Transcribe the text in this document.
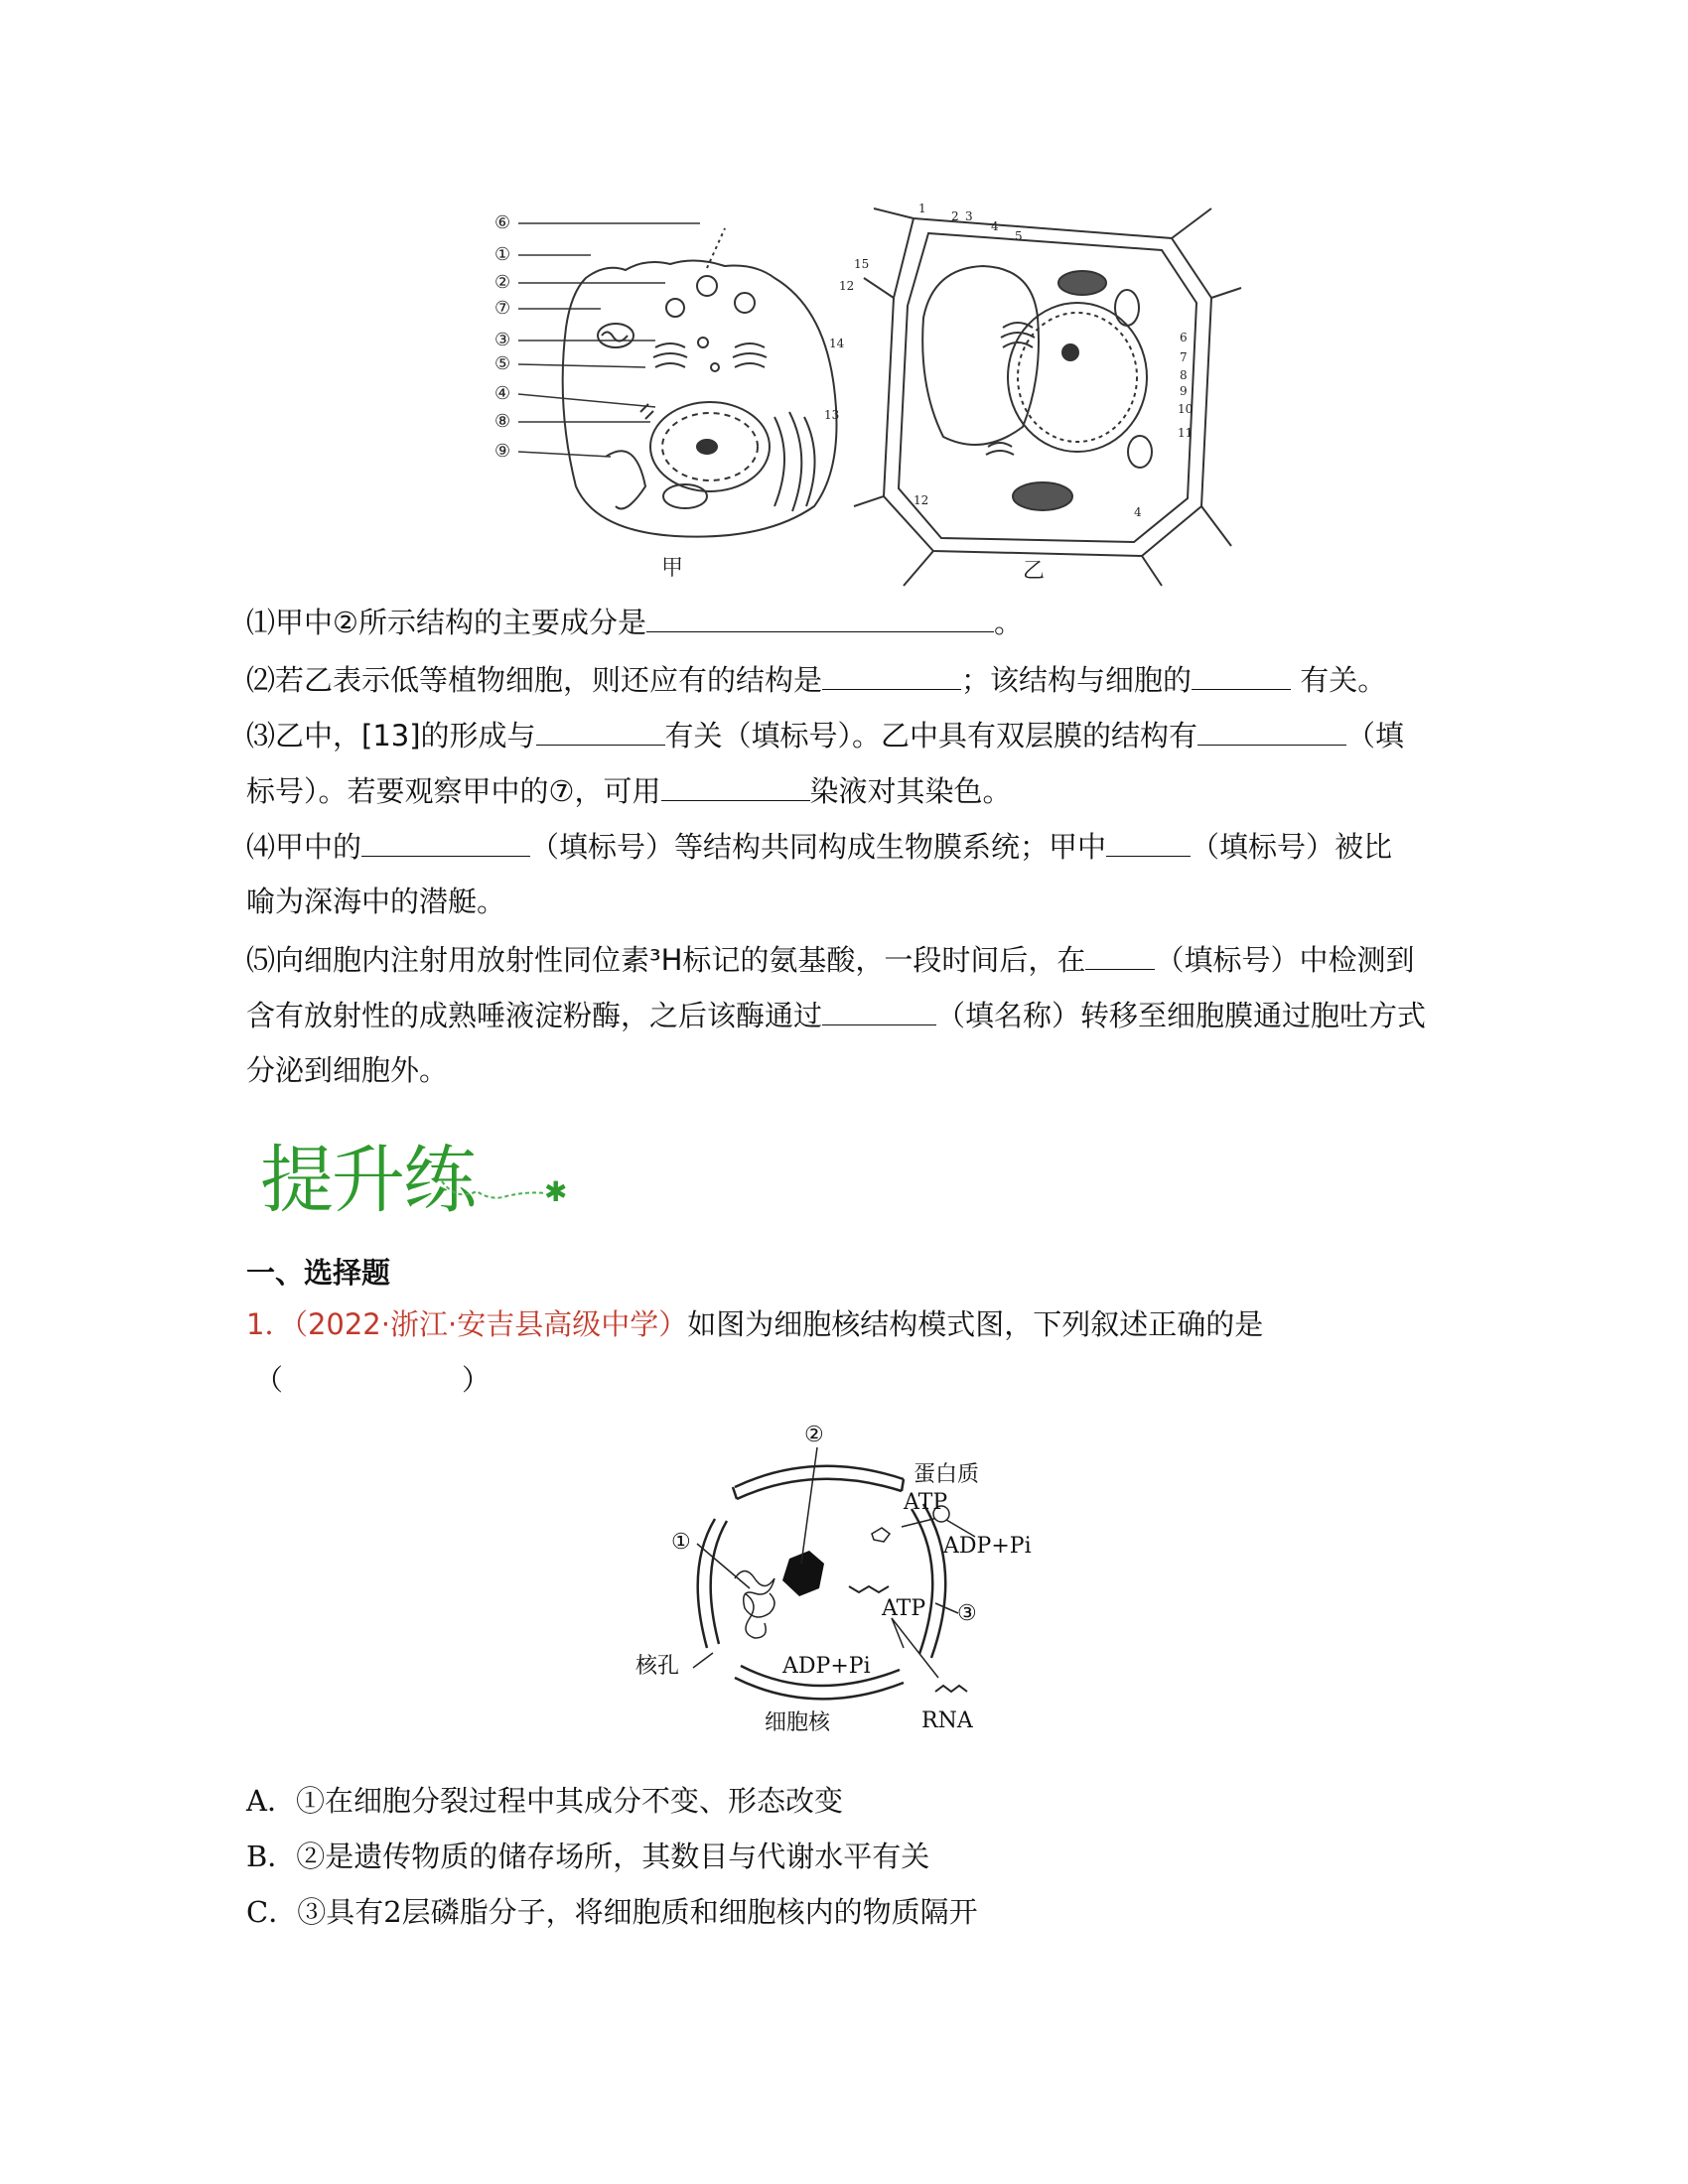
⑥
①
②
⑦
③
⑤
④
⑧
⑨
1
2 3
4
5
15
12
14
13
6
7
8
9
10
11
12
4
甲	乙
⑴甲中②所示结构的主要成分是	。
⑵若乙表示低等植物细胞，则还应有的结构是	；该结构与细胞的	有关。
⑶乙中，[13]的形成与	有关（填标号）。乙中具有双层膜的结构有	（填
标号）。若要观察甲中的⑦，可用	染液对其染色。
⑷甲中的	（填标号）等结构共同构成生物膜系统；甲中	（填标号）被比
喻为深海中的潜艇。
⑸向细胞内注射用放射性同位素³H标记的氨基酸，一段时间后，在 （填标号）中检测到
含有放射性的成熟唾液淀粉酶，之后该酶通过	（填名称）转移至细胞膜通过胞吐方式
分泌到细胞外。
提升练	✱
一、选择题
1．（2022·浙江·安吉县高级中学）如图为细胞核结构模式图，下列叙述正确的是
（	）
①
②
③
蛋白质
ATP
ADP+Pi
ATP
ADP+Pi
核孔
细胞核	RNA
A．①在细胞分裂过程中其成分不变、形态改变
B．②是遗传物质的储存场所，其数目与代谢水平有关
C．③具有2层磷脂分子，将细胞质和细胞核内的物质隔开
